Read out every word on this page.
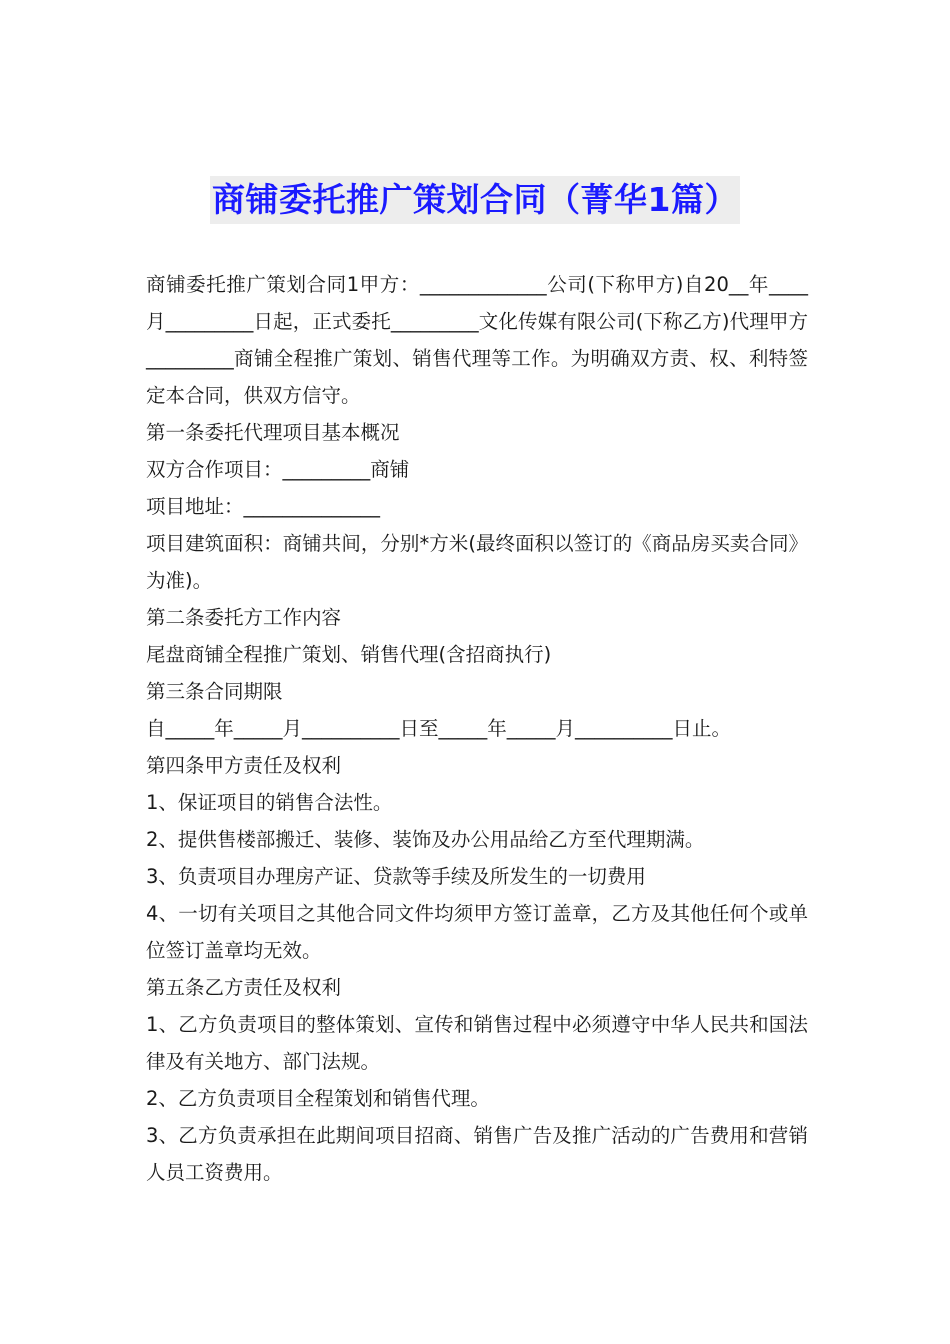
商铺委托推广策划合同（菁华1篇）

商铺委托推广策划合同1甲方：_____________公司(下称甲方)自20__年____月_________日起，正式委托_________文化传媒有限公司(下称乙方)代理甲方_________商铺全程推广策划、销售代理等工作。为明确双方责、权、利特签定本合同，供双方信守。

第一条委托代理项目基本概况

双方合作项目：_________商铺

项目地址：______________

项目建筑面积：商铺共间，分别*方米(最终面积以签订的《商品房买卖合同》为准)。

第二条委托方工作内容

尾盘商铺全程推广策划、销售代理(含招商执行)

第三条合同期限

自_____年_____月__________日至_____年_____月__________日止。

第四条甲方责任及权利

1、保证项目的销售合法性。

2、提供售楼部搬迁、装修、装饰及办公用品给乙方至代理期满。

3、负责项目办理房产证、贷款等手续及所发生的一切费用

4、一切有关项目之其他合同文件均须甲方签订盖章，乙方及其他任何个或单位签订盖章均无效。

第五条乙方责任及权利

1、乙方负责项目的整体策划、宣传和销售过程中必须遵守中华人民共和国法律及有关地方、部门法规。

2、乙方负责项目全程策划和销售代理。

3、乙方负责承担在此期间项目招商、销售广告及推广活动的广告费用和营销人员工资费用。
